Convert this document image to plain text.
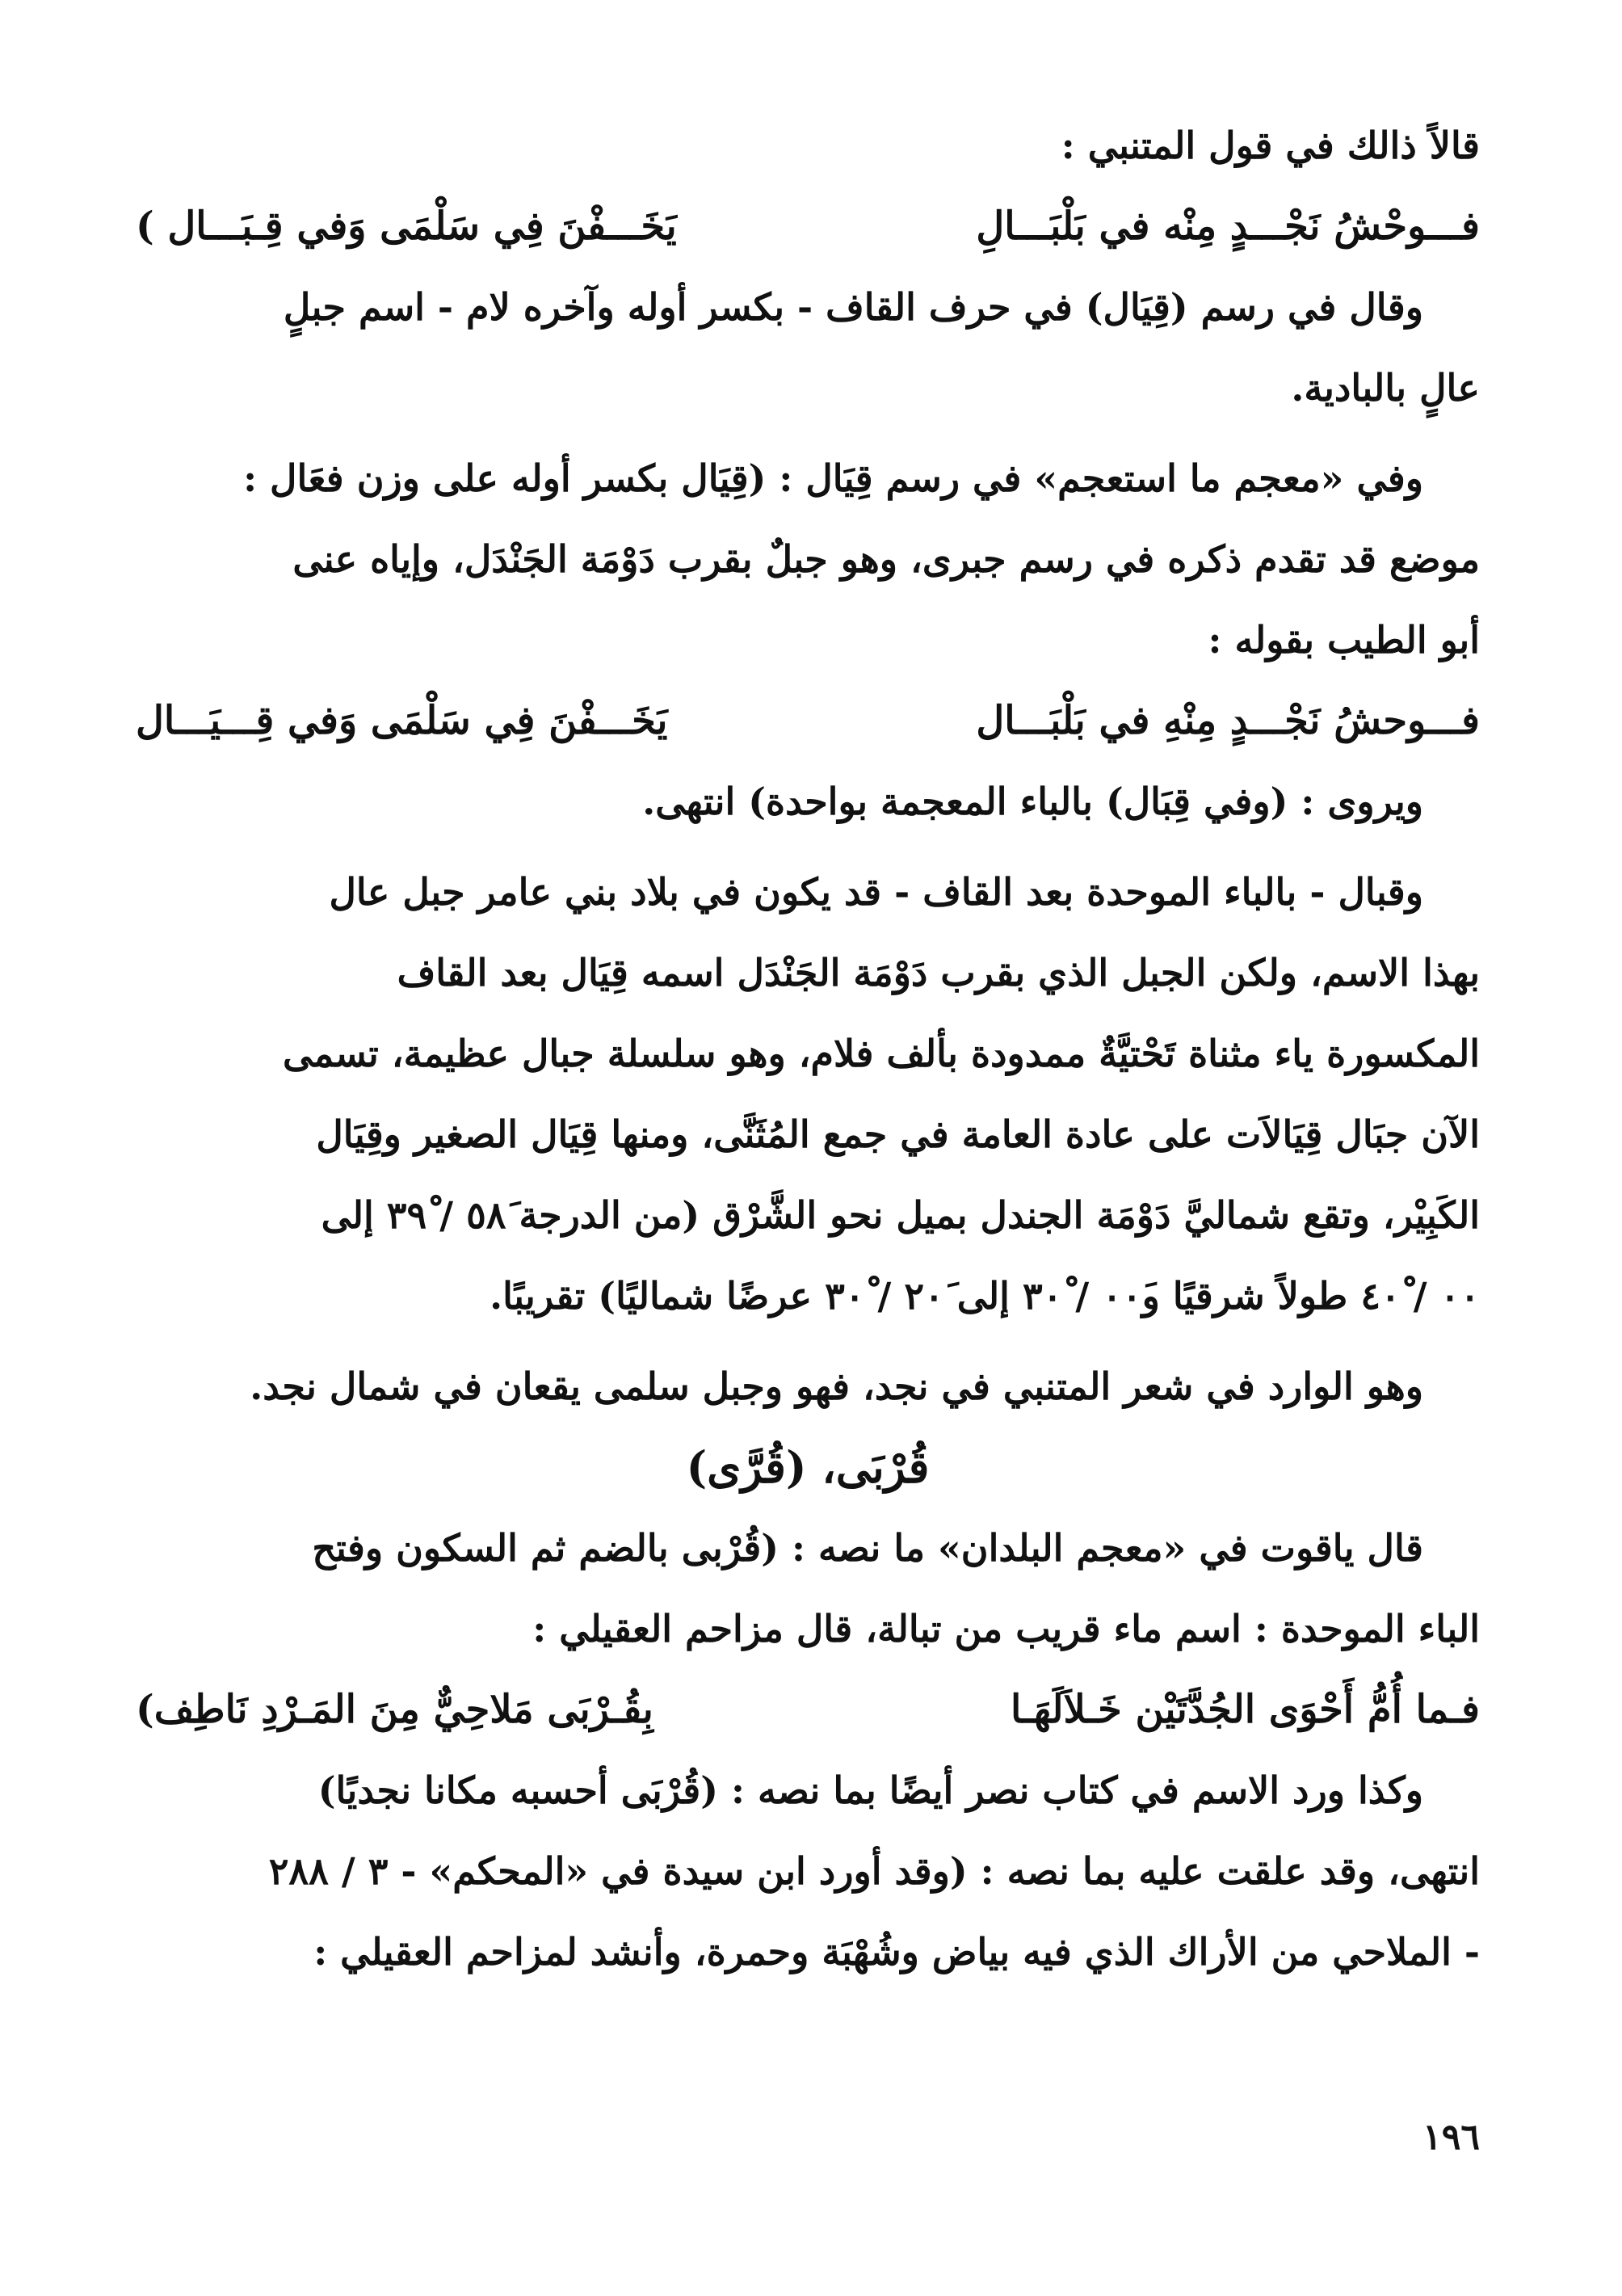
قالاً ذالك في قول المتنبي :
فـــوحْشُ نَجْـــدٍ مِنْه في بَلْبَـــالِ
يَخَـــفْنَ فِي سَلْمَى وَفي قِـبَـــال )
وقال في رسم (قِيَال) في حرف القاف - بكسر أوله وآخره لام - اسم جبلٍ
عالٍ بالبادية.
وفي «معجم ما استعجم» في رسم قِيَال : (قِيَال بكسر أوله على وزن فعَال :
موضع قد تقدم ذكره في رسم جبرى، وهو جبلٌ بقرب دَوْمَة الجَنْدَل، وإياه عنى
أبو الطيب بقوله :
فـــوحشُ نَجْـــدٍ مِنْهِ في بَلْبَـــال
يَخَـــفْنَ فِي سَلْمَى وَفي قِـــيَـــال
ويروى : (وفي قِبَال) بالباء المعجمة بواحدة) انتهى.
وقبال - بالباء الموحدة بعد القاف - قد يكون في بلاد بني عامر جبل عال
بهذا الاسم، ولكن الجبل الذي بقرب دَوْمَة الجَنْدَل اسمه قِيَال بعد القاف
المكسورة ياء مثناة تَحْتيَّةٌ ممدودة بألف فلام، وهو سلسلة جبال عظيمة، تسمى
الآن جبَال قِيَالاَت على عادة العامة في جمع المُثَنَّى، ومنها قِيَال الصغير وقِيَال
الكَبِيْر، وتقع شماليَّ دَوْمَة الجندل بميل نحو الشَّرْق (من الدرجة ٥٨َ / ٣٩ْ إلى
٠٠َ / ٤٠ْ طولاً شرقيًا و٠٠َ / ٣٠ْ إلى ٢٠َ / ٣٠ْ عرضًا شماليًا) تقريبًا.
وهو الوارد في شعر المتنبي في نجد، فهو وجبل سلمى يقعان في شمال نجد.
قُرْبَى، (قُرَّى)
قال ياقوت في «معجم البلدان» ما نصه : (قُرْبى بالضم ثم السكون وفتح
الباء الموحدة : اسم ماء قريب من تبالة، قال مزاحم العقيلي :
فـما أُمُّ أَحْوَى الجُدَّتَيْن خَـلاَلَهَـا
بِقُـرْبَى مَلاحِيٌّ مِنَ المَـرْدِ نَاطِف)
وكذا ورد الاسم في كتاب نصر أيضًا بما نصه : (قُرْبَى أحسبه مكانا نجديًا)
انتهى، وقد علقت عليه بما نصه : (وقد أورد ابن سيدة في «المحكم» - ٣ / ٢٨٨
- الملاحي من الأراك الذي فيه بياض وشُهْبَة وحمرة، وأنشد لمزاحم العقيلي :
١٩٦
